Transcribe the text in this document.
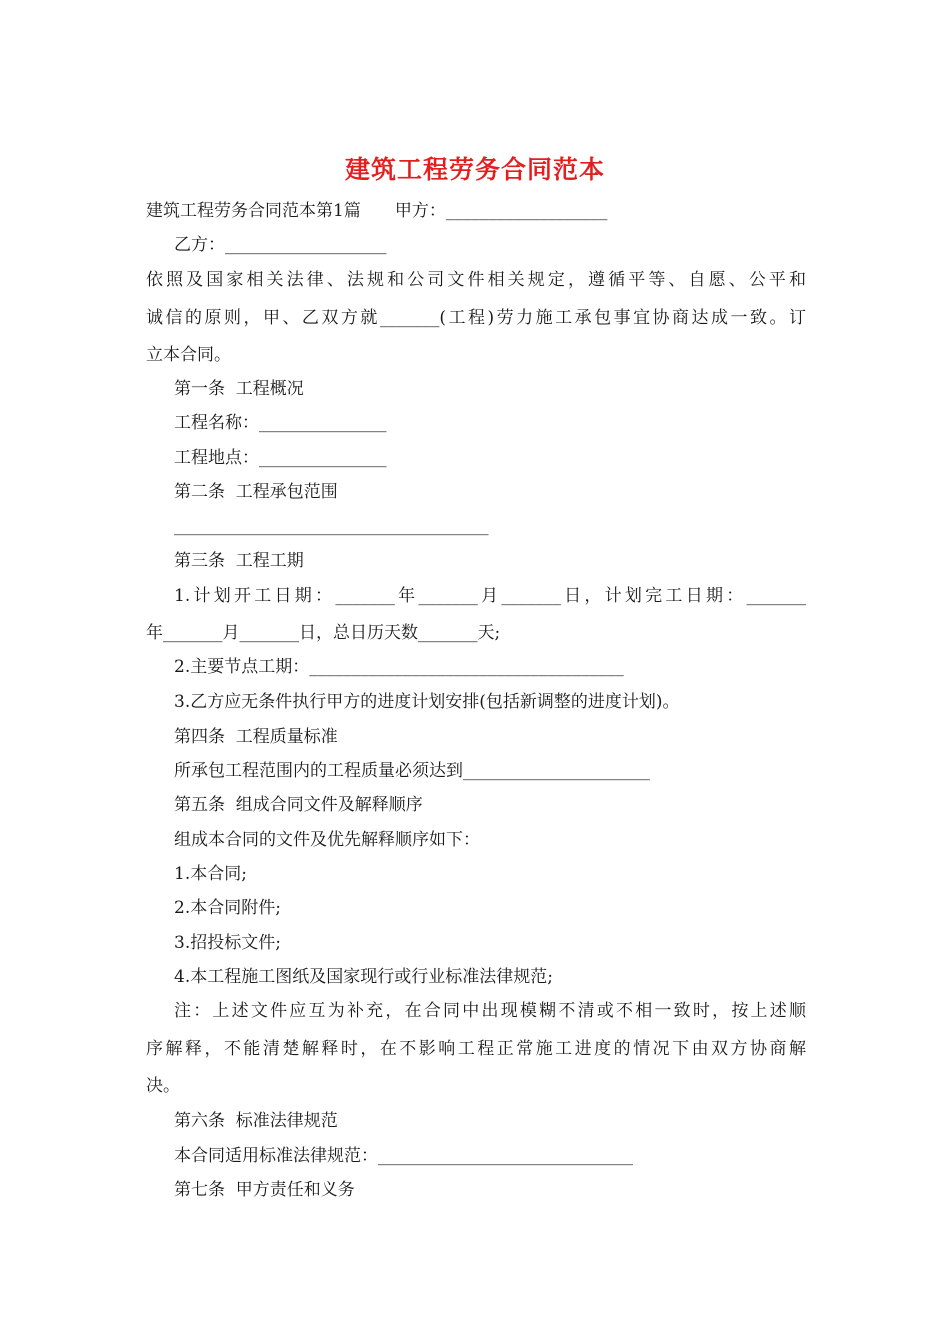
建筑工程劳务合同范本
建筑工程劳务合同范本第1篇　　甲方：___________________
乙方：___________________
依照及国家相关法律、法规和公司文件相关规定，遵循平等、自愿、公平和
诚信的原则，甲、乙双方就_______(工程)劳力施工承包事宜协商达成一致。订
立本合同。
第一条  工程概况
工程名称：_______________
工程地点：_______________
第二条  工程承包范围
_____________________________________
第三条  工程工期
1.计划开工日期：_______年_______月_______日，计划完工日期：_______
年_______月_______日，总日历天数_______天;
2.主要节点工期：_____________________________________
3.乙方应无条件执行甲方的进度计划安排(包括新调整的进度计划)。
第四条  工程质量标准
所承包工程范围内的工程质量必须达到______________________
第五条  组成合同文件及解释顺序
组成本合同的文件及优先解释顺序如下：
1.本合同;
2.本合同附件;
3.招投标文件;
4.本工程施工图纸及国家现行或行业标准法律规范;
注：上述文件应互为补充，在合同中出现模糊不清或不相一致时，按上述顺
序解释，不能清楚解释时，在不影响工程正常施工进度的情况下由双方协商解
决。
第六条  标准法律规范
本合同适用标准法律规范：______________________________
第七条  甲方责任和义务
